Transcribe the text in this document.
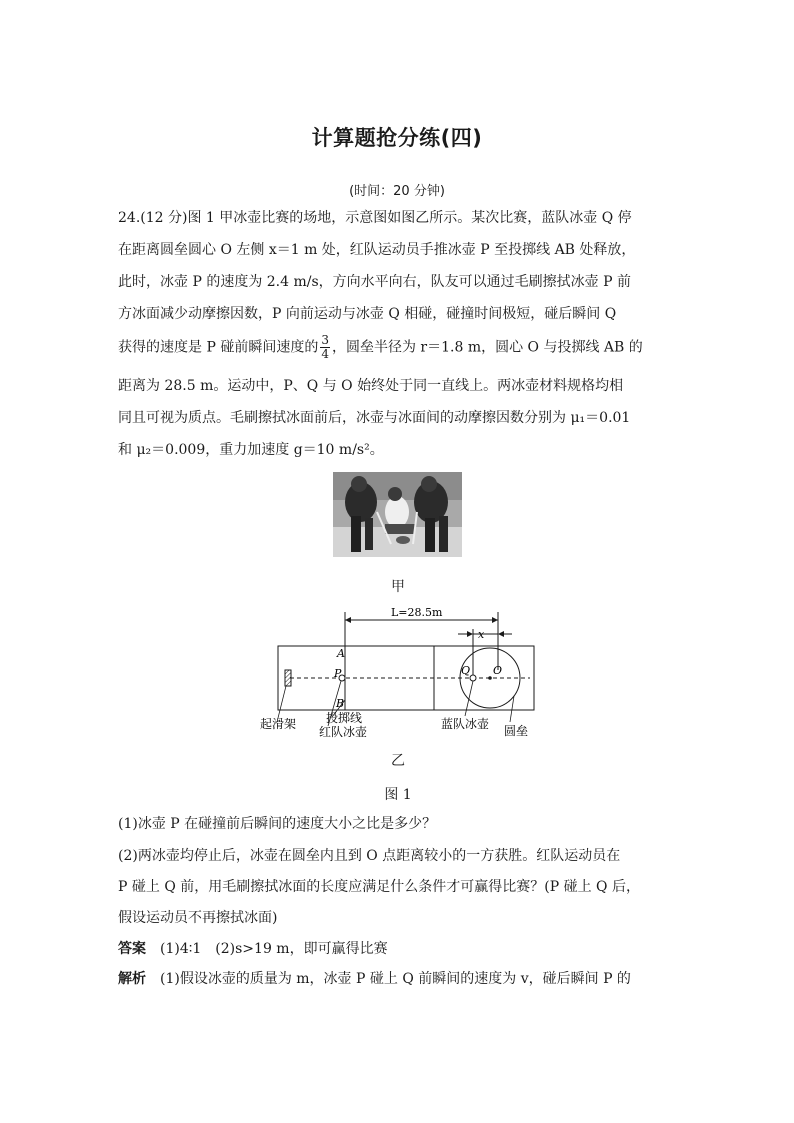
计算题抢分练(四)
(时间：20 分钟)
24.(12 分)图 1 甲冰壶比赛的场地，示意图如图乙所示。某次比赛，蓝队冰壶 Q 停
在距离圆垒圆心 O 左侧 x＝1 m 处，红队运动员手推冰壶 P 至投掷线 AB 处释放，
此时，冰壶 P 的速度为 2.4 m/s，方向水平向右，队友可以通过毛刷擦拭冰壶 P 前
方冰面减少动摩擦因数，P 向前运动与冰壶 Q 相碰，碰撞时间极短，碰后瞬间 Q
获得的速度是 P 碰前瞬间速度的 $\frac{3}{4}$ ，圆垒半径为 r＝1.8 m，圆心 O 与投掷线 AB 的
距离为 28.5 m。运动中，P、Q 与 O 始终处于同一直线上。两冰壶材料规格均相
同且可视为质点。毛刷擦拭冰面前后，冰壶与冰面间的动摩擦因数分别为 μ₁＝0.01
和 μ₂＝0.009，重力加速度 g＝10 m/s²。
甲
L=28.5m
x
A
P
B
Q O
起滑架 投掷线
红队冰壶
蓝队冰壶 圆垒
乙
图 1
(1)冰壶 P 在碰撞前后瞬间的速度大小之比是多少？
(2)两冰壶均停止后，冰壶在圆垒内且到 O 点距离较小的一方获胜。红队运动员在
P 碰上 Q 前，用毛刷擦拭冰面的长度应满足什么条件才可赢得比赛？(P 碰上 Q 后，
假设运动员不再擦拭冰面)
答案 (1)4∶1　(2)s>19 m，即可赢得比赛
解析 (1)假设冰壶的质量为 m，冰壶 P 碰上 Q 前瞬间的速度为 v，碰后瞬间 P 的
